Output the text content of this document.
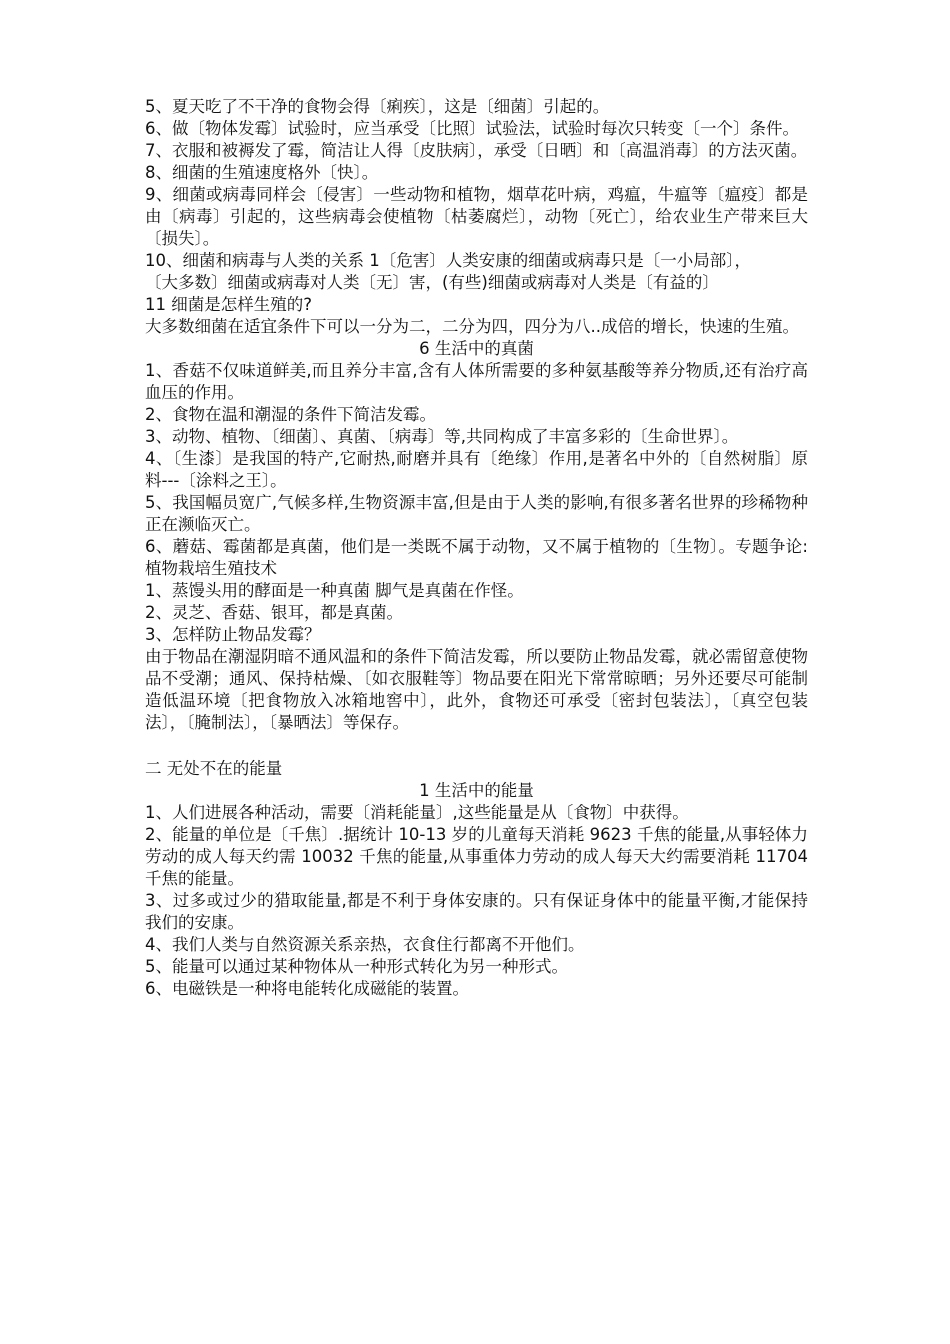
5、夏天吃了不干净的食物会得〔痢疾〕，这是〔细菌〕引起的。

6、做〔物体发霉〕试验时，应当承受〔比照〕试验法，试验时每次只转变〔一个〕条件。

7、衣服和被褥发了霉，简洁让人得〔皮肤病〕，承受〔日晒〕和〔高温消毒〕的方法灭菌。

8、细菌的生殖速度格外〔快〕。

9、细菌或病毒同样会〔侵害〕一些动物和植物，烟草花叶病，鸡瘟，牛瘟等〔瘟疫〕都是由〔病毒〕引起的，这些病毒会使植物〔枯萎腐烂〕，动物〔死亡〕，给农业生产带来巨大〔损失〕。

10、细菌和病毒与人类的关系 1〔危害〕人类安康的细菌或病毒只是〔一小局部〕，

〔大多数〕细菌或病毒对人类〔无〕害，(有些)细菌或病毒对人类是〔有益的〕

11 细菌是怎样生殖的?

大多数细菌在适宜条件下可以一分为二，二分为四，四分为八..成倍的增长，快速的生殖。

6 生活中的真菌

1、香菇不仅味道鲜美,而且养分丰富,含有人体所需要的多种氨基酸等养分物质,还有治疗高血压的作用。

2、食物在温和潮湿的条件下简洁发霉。

3、动物、植物、〔细菌〕、真菌、〔病毒〕等,共同构成了丰富多彩的〔生命世界〕。

4、〔生漆〕是我国的特产,它耐热,耐磨并具有〔绝缘〕作用,是著名中外的〔自然树脂〕原料---〔涂料之王〕。

5、我国幅员宽广,气候多样,生物资源丰富,但是由于人类的影响,有很多著名世界的珍稀物种正在濒临灭亡。

6、蘑菇、霉菌都是真菌，他们是一类既不属于动物，又不属于植物的〔生物〕。专题争论:植物栽培生殖技术

1、蒸馒头用的酵面是一种真菌 脚气是真菌在作怪。

2、灵芝、香菇、银耳，都是真菌。

3、怎样防止物品发霉？

由于物品在潮湿阴暗不通风温和的条件下简洁发霉，所以要防止物品发霉，就必需留意使物品不受潮；通风、保持枯燥、〔如衣服鞋等〕物品要在阳光下常常晾晒；另外还要尽可能制造低温环境〔把食物放入冰箱地窖中〕，此外，食物还可承受〔密封包装法〕，〔真空包装法〕，〔腌制法〕，〔暴晒法〕等保存。

二 无处不在的能量

1 生活中的能量

1、人们进展各种活动，需要〔消耗能量〕,这些能量是从〔食物〕中获得。

2、能量的单位是〔千焦〕.据统计 10-13 岁的儿童每天消耗 9623 千焦的能量,从事轻体力劳动的成人每天约需 10032 千焦的能量,从事重体力劳动的成人每天大约需要消耗 11704 千焦的能量。

3、过多或过少的猎取能量,都是不利于身体安康的。只有保证身体中的能量平衡,才能保持我们的安康。

4、我们人类与自然资源关系亲热，衣食住行都离不开他们。

5、能量可以通过某种物体从一种形式转化为另一种形式。

6、电磁铁是一种将电能转化成磁能的装置。
